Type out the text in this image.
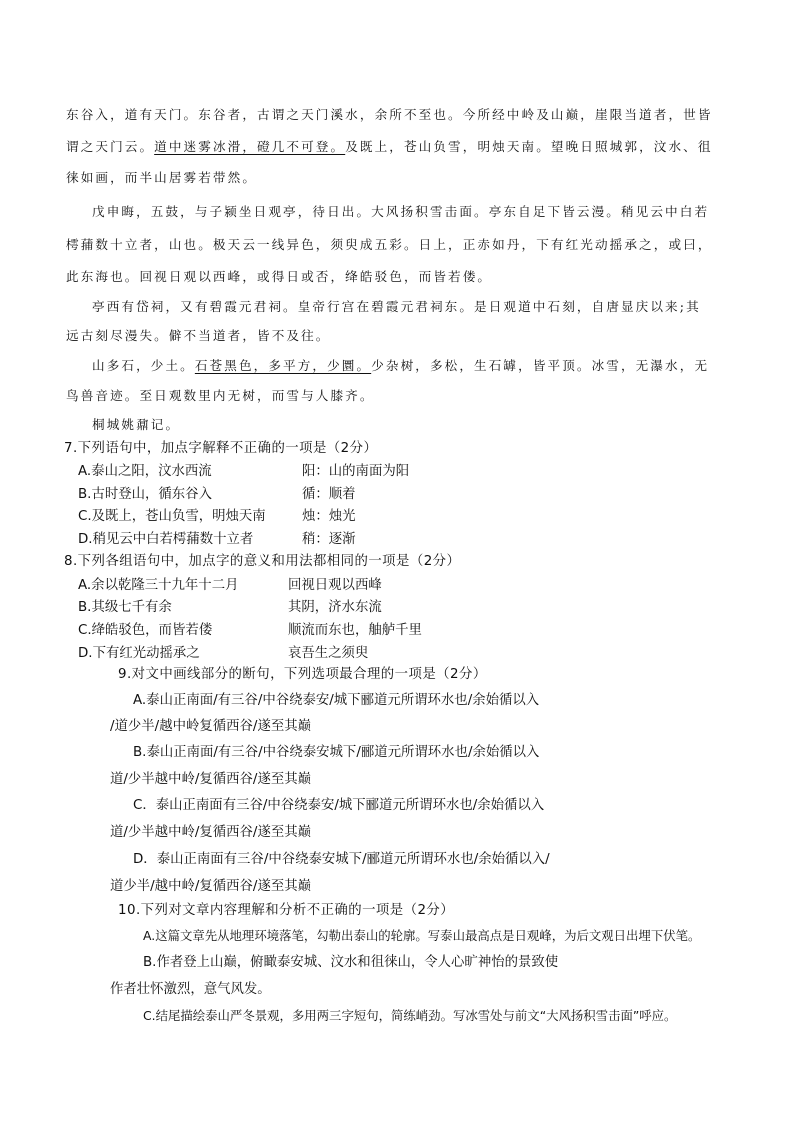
东谷入，道有天门。东谷者，古谓之天门溪水，余所不至也。今所经中岭及山巅，崖限当道者，世皆
谓之天门云。道中迷雾冰滑，磴几不可登。及既上，苍山负雪，明烛天南。望晚日照城郭，汶水、徂
徕如画，而半山居雾若带然。
戊申晦，五鼓，与子颍坐日观亭，待日出。大风扬积雪击面。亭东自足下皆云漫。稍见云中白若
樗蒱数十立者，山也。极天云一线异色，须臾成五彩。日上，正赤如丹，下有红光动摇承之，或曰，
此东海也。回视日观以西峰，或得日或否，绛皓驳色，而皆若偻。
亭西有岱祠，又有碧霞元君祠。皇帝行宫在碧霞元君祠东。是日观道中石刻，自唐显庆以来;其
远古刻尽漫失。僻不当道者，皆不及往。
山多石，少土。石苍黑色，多平方，少圜。少杂树，多松，生石罅，皆平顶。冰雪，无瀑水，无
鸟兽音迹。至日观数里内无树，而雪与人膝齐。
桐城姚鼐记。
7.下列语句中，加点字解释不正确的一项是（2分）
A.泰山之阳，汶水西流	阳：山的南面为阳
B.古时登山，循东谷入	循：顺着
C.及既上，苍山负雪，明烛天南	烛：烛光
D.稍见云中白若樗蒱数十立者	稍：逐渐
8.下列各组语句中，加点字的意义和用法都相同的一项是（2分）
A.余以乾隆三十九年十二月	回视日观以西峰
B.其级七千有余	其阴，济水东流
C.绛皓驳色，而皆若偻	顺流而东也，舳舻千里
D.下有红光动摇承之	哀吾生之须臾
9.对文中画线部分的断句，下列选项最合理的一项是（2分）
A.泰山正南面/有三谷/中谷绕泰安/城下郦道元所谓环水也/余始循以入
/道少半/越中岭复循西谷/遂至其巅
B.泰山正南面/有三谷/中谷绕泰安城下/郦道元所谓环水也/余始循以入
道/少半越中岭/复循西谷/遂至其巅
C．泰山正南面有三谷/中谷绕泰安/城下郦道元所谓环水也/余始循以入
道/少半越中岭/复循西谷/遂至其巅
D．泰山正南面有三谷/中谷绕泰安城下/郦道元所谓环水也/余始循以入/
道少半/越中岭/复循西谷/遂至其巅
10.下列对文章内容理解和分析不正确的一项是（2分）
A.这篇文章先从地理环境落笔，勾勒出泰山的轮廓。写泰山最高点是日观峰，为后文观日出埋下伏笔。
B.作者登上山巅，俯瞰泰安城、汶水和徂徕山，令人心旷神怡的景致使
作者壮怀激烈，意气风发。
C.结尾描绘泰山严冬景观，多用两三字短句，简练峭劲。写冰雪处与前文“大风扬积雪击面”呼应。
